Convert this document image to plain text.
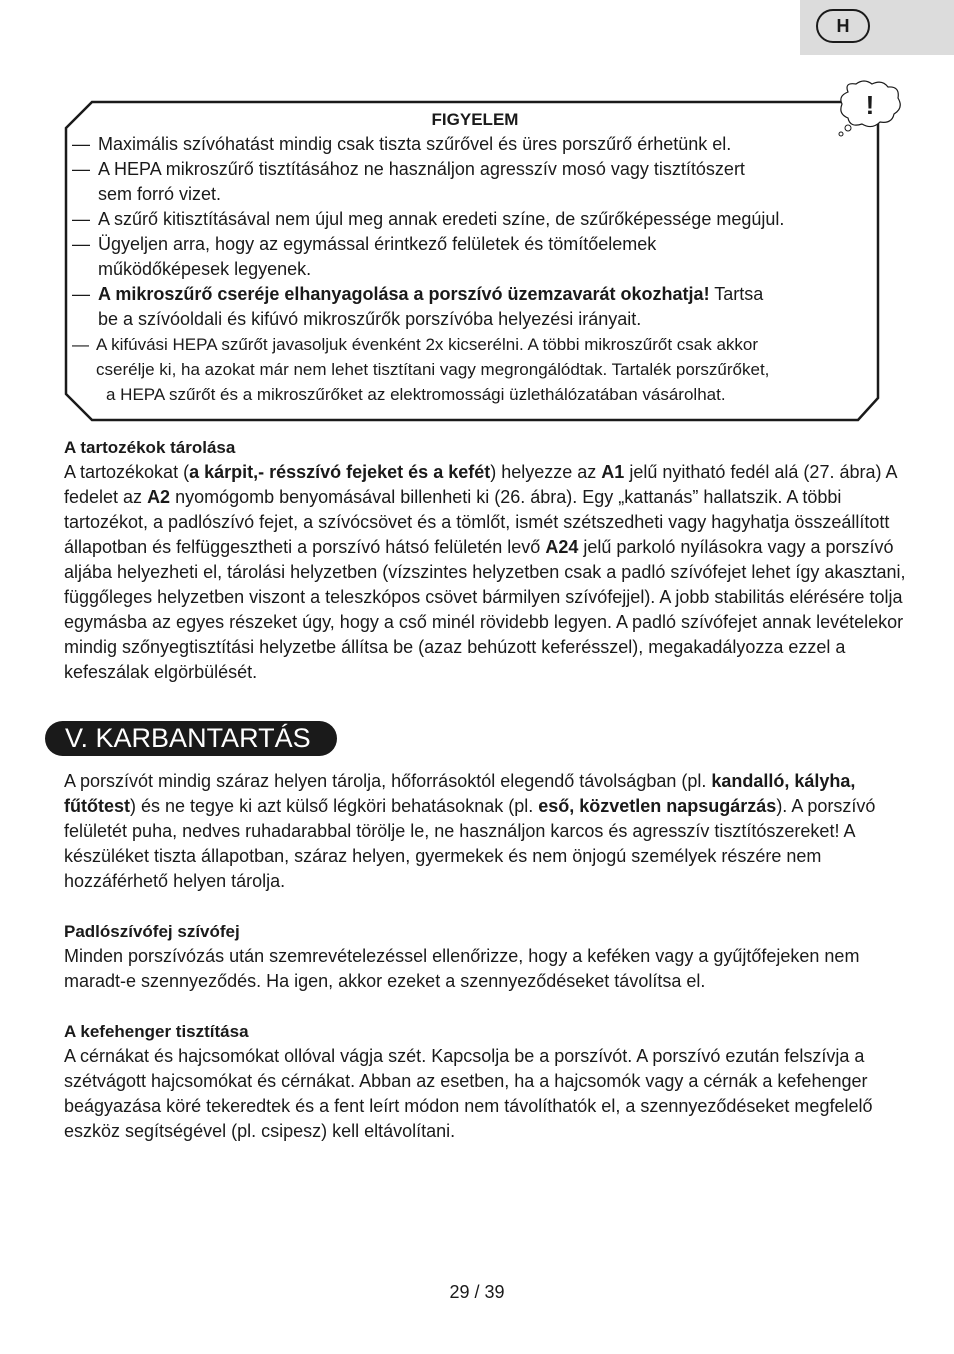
H
!
FIGYELEM
— Maximális szívóhatást mindig csak tiszta szűrővel és üres porszűrő érhetünk el.
— A HEPA mikroszűrő tisztításához ne használjon agresszív mosó vagy tisztítószert
sem forró vizet.
— A szűrő kitisztításával nem újul meg annak eredeti színe, de szűrőképessége megújul.
— Ügyeljen arra, hogy az egymással érintkező felületek és tömítőelemek
működőképesek legyenek.
— A mikroszűrő cseréje elhanyagolása a porszívó üzemzavarát okozhatja! Tartsa
be a szívóoldali és kifúvó mikroszűrők porszívóba helyezési irányait.
— A kifúvási HEPA szűrőt javasoljuk évenként 2x kicserélni. A többi mikroszűrőt csak akkor
cserélje ki, ha azokat már nem lehet tisztítani vagy megrongálódtak. Tartalék porszűrőket,
a HEPA szűrőt és a mikroszűrőket az elektromossági üzlethálózatában vásárolhat.

A tartozékok tárolása

A tartozékokat (a kárpit,- résszívó fejeket és a kefét) helyezze az A1 jelű nyitható fedél alá (27. ábra) A fedelet az A2 nyomógomb benyomásával billenheti ki (26. ábra). Egy „kattanás” hallatszik. A többi tartozékot, a padlószívó fejet, a szívócsövet és a tömlőt, ismét szétszedheti vagy hagyhatja összeállított állapotban és felfüggesztheti a porszívó hátsó felületén levő A24 jelű parkoló nyílásokra vagy a porszívó aljába helyezheti el, tárolási helyzetben (vízszintes helyzetben csak a padló szívófejet lehet így akasztani, függőleges helyzetben viszont a teleszkópos csövet bármilyen szívófejjel). A jobb stabilitás elérésére tolja egymásba az egyes részeket úgy, hogy a cső minél rövidebb legyen. A padló szívófejet annak levételekor mindig szőnyegtisztítási helyzetbe állítsa be (azaz behúzott keferésszel), megakadályozza ezzel a kefeszálak elgörbülését.

V. KARBANTARTÁS

A porszívót mindig száraz helyen tárolja, hőforrásoktól elegendő távolságban (pl. kandalló, kályha, fűtőtest) és ne tegye ki azt külső légköri behatásoknak (pl. eső, közvetlen napsugárzás). A porszívó felületét puha, nedves ruhadarabbal törölje le, ne használjon karcos és agresszív tisztítószereket! A készüléket tiszta állapotban, száraz helyen, gyermekek és nem önjogú személyek részére nem hozzáférhető helyen tárolja.

Padlószívófej szívófej

Minden porszívózás után szemrevételezéssel ellenőrizze, hogy a keféken vagy a gyűjtőfejeken nem maradt-e szennyeződés. Ha igen, akkor ezeket a szennyeződéseket távolítsa el.

A kefehenger tisztítása

A cérnákat és hajcsomókat ollóval vágja szét. Kapcsolja be a porszívót. A porszívó ezután felszívja a szétvágott hajcsomókat és cérnákat. Abban az esetben, ha a hajcsomók vagy a cérnák a kefehenger beágyazása köré tekeredtek és a fent leírt módon nem távolíthatók el, a szennyeződéseket megfelelő eszköz segítségével (pl. csipesz) kell eltávolítani.

29 / 39
